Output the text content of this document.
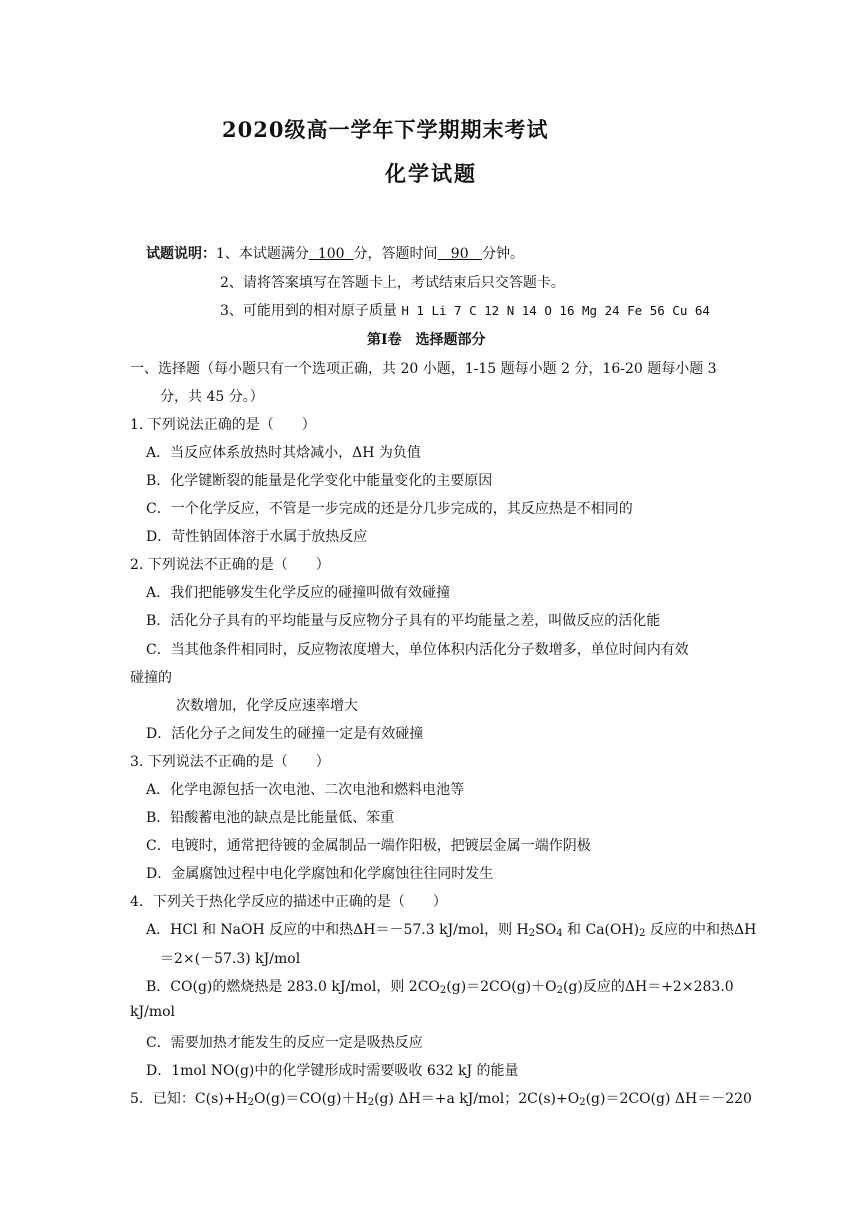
2020级高一学年下学期期末考试
化学试题
试题说明：1、本试题满分  100  分，答题时间   90   分钟。
2、请将答案填写在答题卡上，考试结束后只交答题卡。
3、可能用到的相对原子质量 H 1 Li 7 C 12 N 14 O 16 Mg 24 Fe 56 Cu 64
第Ⅰ卷　选择题部分
一、选择题（每小题只有一个选项正确，共 20 小题，1-15 题每小题 2 分，16-20 题每小题 3
分，共 45 分。）
1. 下列说法正确的是（　　）
A．当反应体系放热时其焓减小，ΔH 为负值
B．化学键断裂的能量是化学变化中能量变化的主要原因
C．一个化学反应，不管是一步完成的还是分几步完成的，其反应热是不相同的
D．苛性钠固体溶于水属于放热反应
2. 下列说法不正确的是（　　）
A．我们把能够发生化学反应的碰撞叫做有效碰撞
B．活化分子具有的平均能量与反应物分子具有的平均能量之差，叫做反应的活化能
C．当其他条件相同时，反应物浓度增大，单位体积内活化分子数增多，单位时间内有效
碰撞的
次数增加，化学反应速率增大
D．活化分子之间发生的碰撞一定是有效碰撞
3. 下列说法不正确的是（　　）
A．化学电源包括一次电池、二次电池和燃料电池等
B．铅酸蓄电池的缺点是比能量低、笨重
C．电镀时，通常把待镀的金属制品一端作阳极，把镀层金属一端作阴极
D．金属腐蚀过程中电化学腐蚀和化学腐蚀往往同时发生
4．下列关于热化学反应的描述中正确的是（　　）
A．HCl 和 NaOH 反应的中和热ΔH＝－57.3 kJ/mol，则 $H_2SO_4$ 和 $Ca(OH)_2$ 反应的中和热ΔH
＝2×(－57.3) kJ/mol
B．CO(g)的燃烧热是 283.0 kJ/mol，则 $2CO_2(g)=2CO(g)+O_2(g)$反应的ΔH＝+2×283.0
kJ/mol
C．需要加热才能发生的反应一定是吸热反应
D．1mol NO(g)中的化学键形成时需要吸收 632 kJ 的能量
5．已知：$C(s)+H_2O(g)=CO(g)+H_2(g)$ ΔH＝+a kJ/mol；$2C(s)+O_2(g)=2CO(g)$ ΔH＝－220
